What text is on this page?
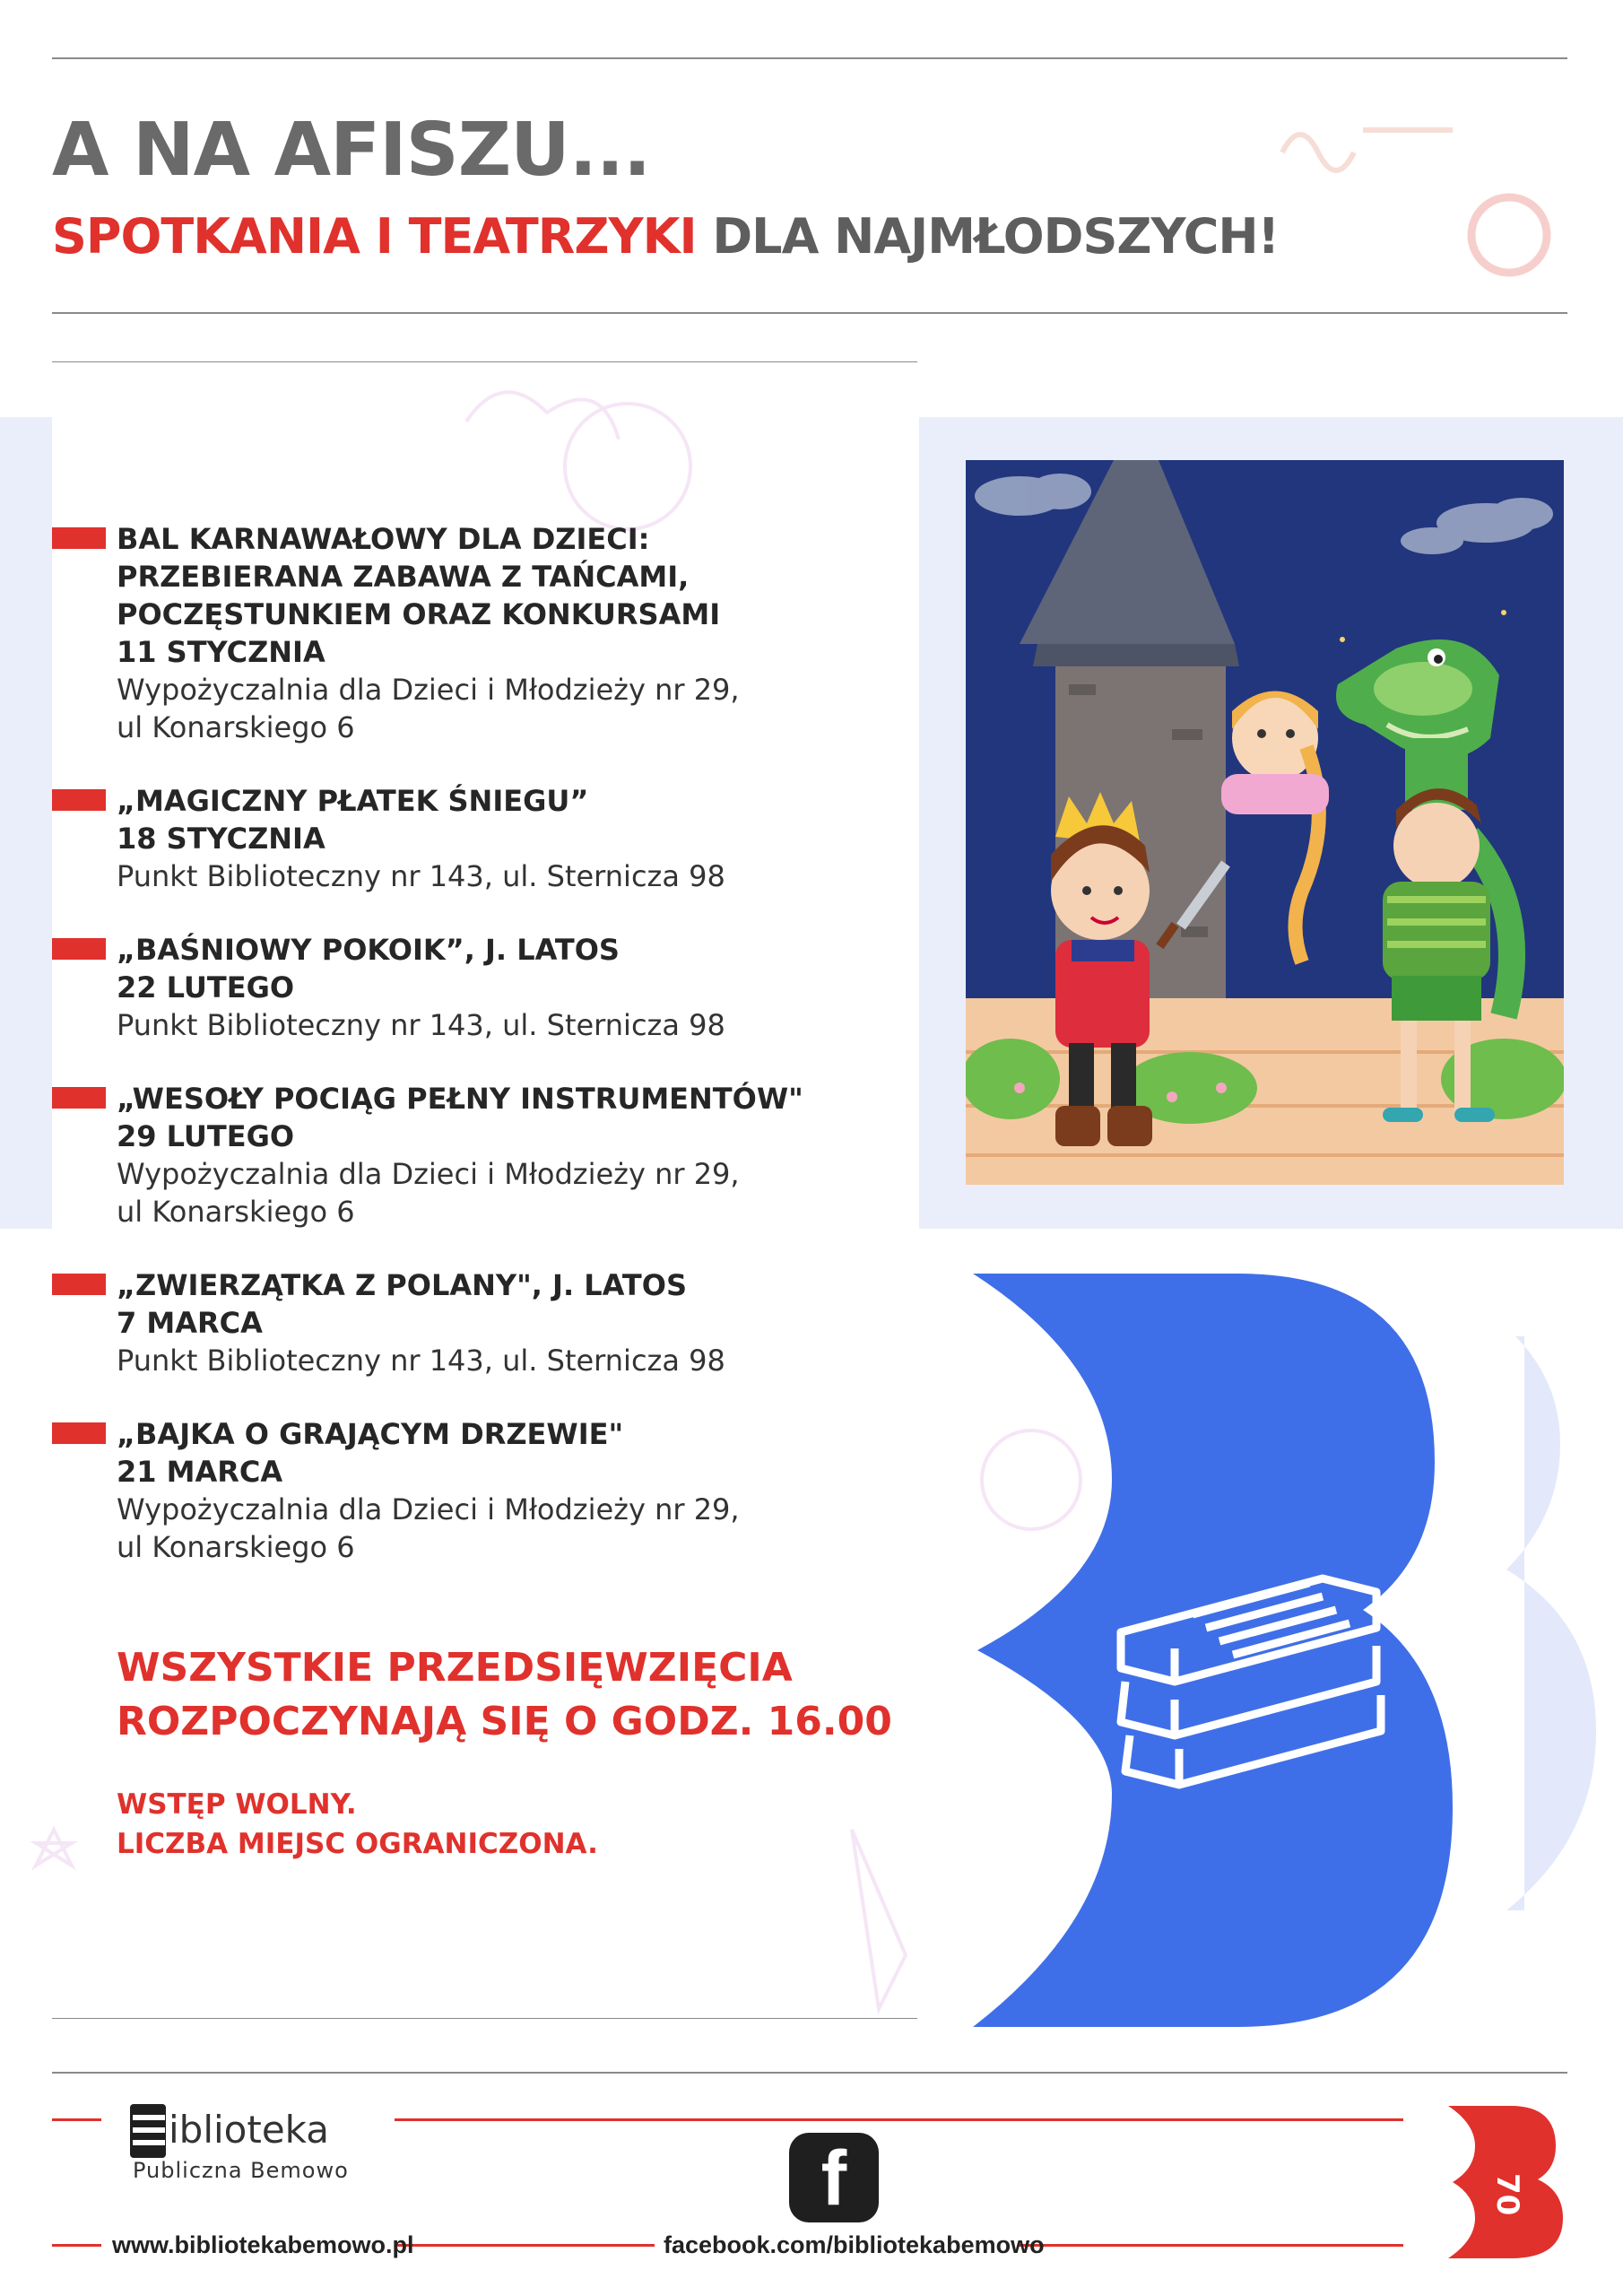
A NA AFISZU...
SPOTKANIA I TEATRZYKI DLA NAJMŁODSZYCH!
BAL KARNAWAŁOWY DLA DZIECI:
PRZEBIERANA ZABAWA Z TAŃCAMI,
POCZĘSTUNKIEM ORAZ KONKURSAMI
11 STYCZNIA
Wypożyczalnia dla Dzieci i Młodzieży nr 29,
ul Konarskiego 6
„MAGICZNY PŁATEK ŚNIEGU”
18 STYCZNIA
Punkt Biblioteczny nr 143, ul. Sternicza 98
„BAŚNIOWY POKOIK”, J. LATOS
22 LUTEGO
Punkt Biblioteczny nr 143, ul. Sternicza 98
„WESOŁY POCIĄG PEŁNY INSTRUMENTÓW"
29 LUTEGO
Wypożyczalnia dla Dzieci i Młodzieży nr 29,
ul Konarskiego 6
„ZWIERZĄTKA Z POLANY", J. LATOS
7 MARCA
Punkt Biblioteczny nr 143, ul. Sternicza 98
„BAJKA O GRAJĄCYM DRZEWIE"
21 MARCA
Wypożyczalnia dla Dzieci i Młodzieży nr 29,
ul Konarskiego 6

WSZYSTKIE PRZEDSIĘWZIĘCIA
ROZPOCZYNAJĄ SIĘ O GODZ. 16.00

WSTĘP WOLNY.
LICZBA MIEJSC OGRANICZONA.

iblioteka
Publiczna Bemowo
www.bibliotekabemowo.pl
f
facebook.com/bibliotekabemowo
70
